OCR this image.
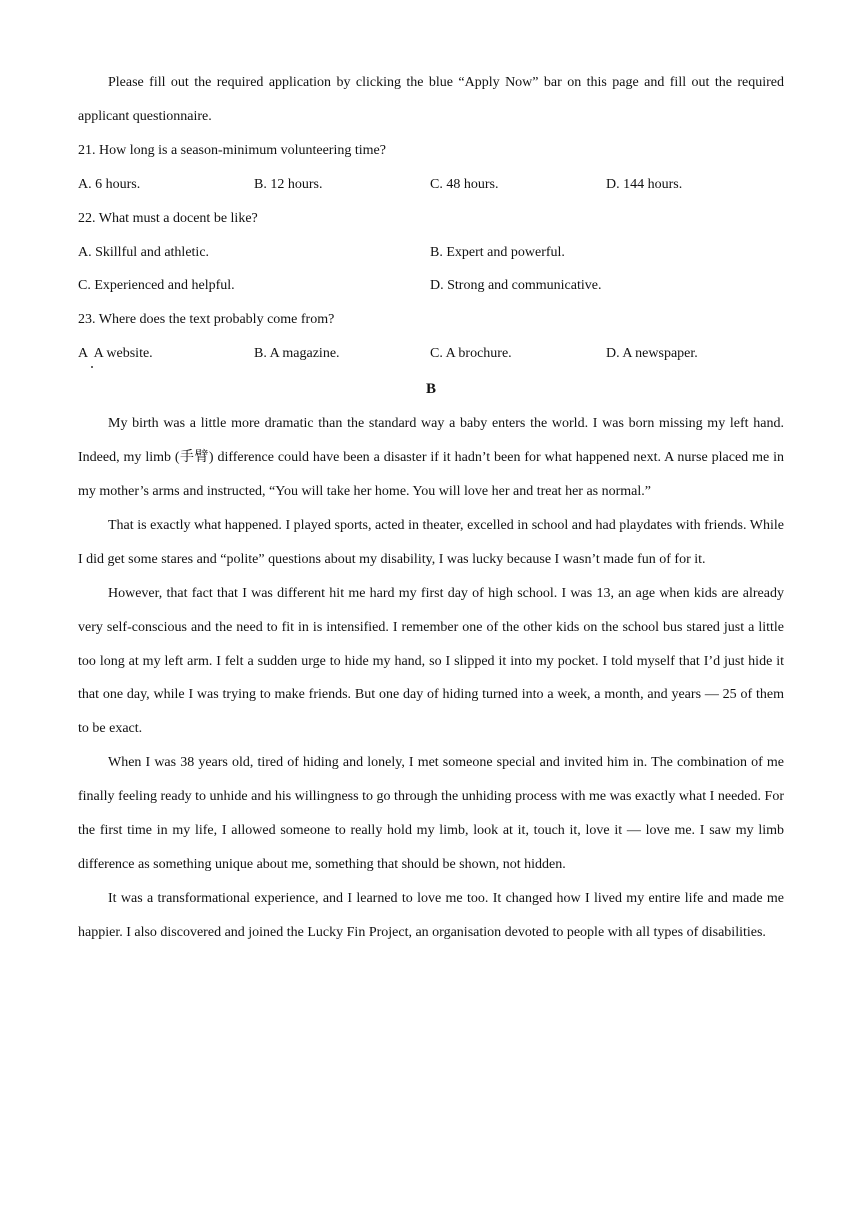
Please fill out the required application by clicking the blue “Apply Now” bar on this page and fill out the required applicant questionnaire.

21. How long is a season-minimum volunteering time?

A. 6 hours.	B. 12 hours.	C. 48 hours.	D. 144 hours.

22. What must a docent be like?

A. Skillful and athletic.	B. Expert and powerful.
C. Experienced and helpful.	D. Strong and communicative.

23. Where does the text probably come from?

A  A website.	B. A magazine.	C. A brochure.	D. A newspaper.

B

My birth was a little more dramatic than the standard way a baby enters the world. I was born missing my left hand. Indeed, my limb (手臂) difference could have been a disaster if it hadn’t been for what happened next. A nurse placed me in my mother’s arms and instructed, “You will take her home. You will love her and treat her as normal.”

That is exactly what happened. I played sports, acted in theater, excelled in school and had playdates with friends. While I did get some stares and “polite” questions about my disability, I was lucky because I wasn’t made fun of for it.

However, that fact that I was different hit me hard my first day of high school. I was 13, an age when kids are already very self-conscious and the need to fit in is intensified. I remember one of the other kids on the school bus stared just a little too long at my left arm. I felt a sudden urge to hide my hand, so I slipped it into my pocket. I told myself that I’d just hide it that one day, while I was trying to make friends. But one day of hiding turned into a week, a month, and years — 25 of them to be exact.

When I was 38 years old, tired of hiding and lonely, I met someone special and invited him in. The combination of me finally feeling ready to unhide and his willingness to go through the unhiding process with me was exactly what I needed. For the first time in my life, I allowed someone to really hold my limb, look at it, touch it, love it — love me. I saw my limb difference as something unique about me, something that should be shown, not hidden.

It was a transformational experience, and I learned to love me too. It changed how I lived my entire life and made me happier. I also discovered and joined the Lucky Fin Project, an organisation devoted to people with all types of disabilities.
